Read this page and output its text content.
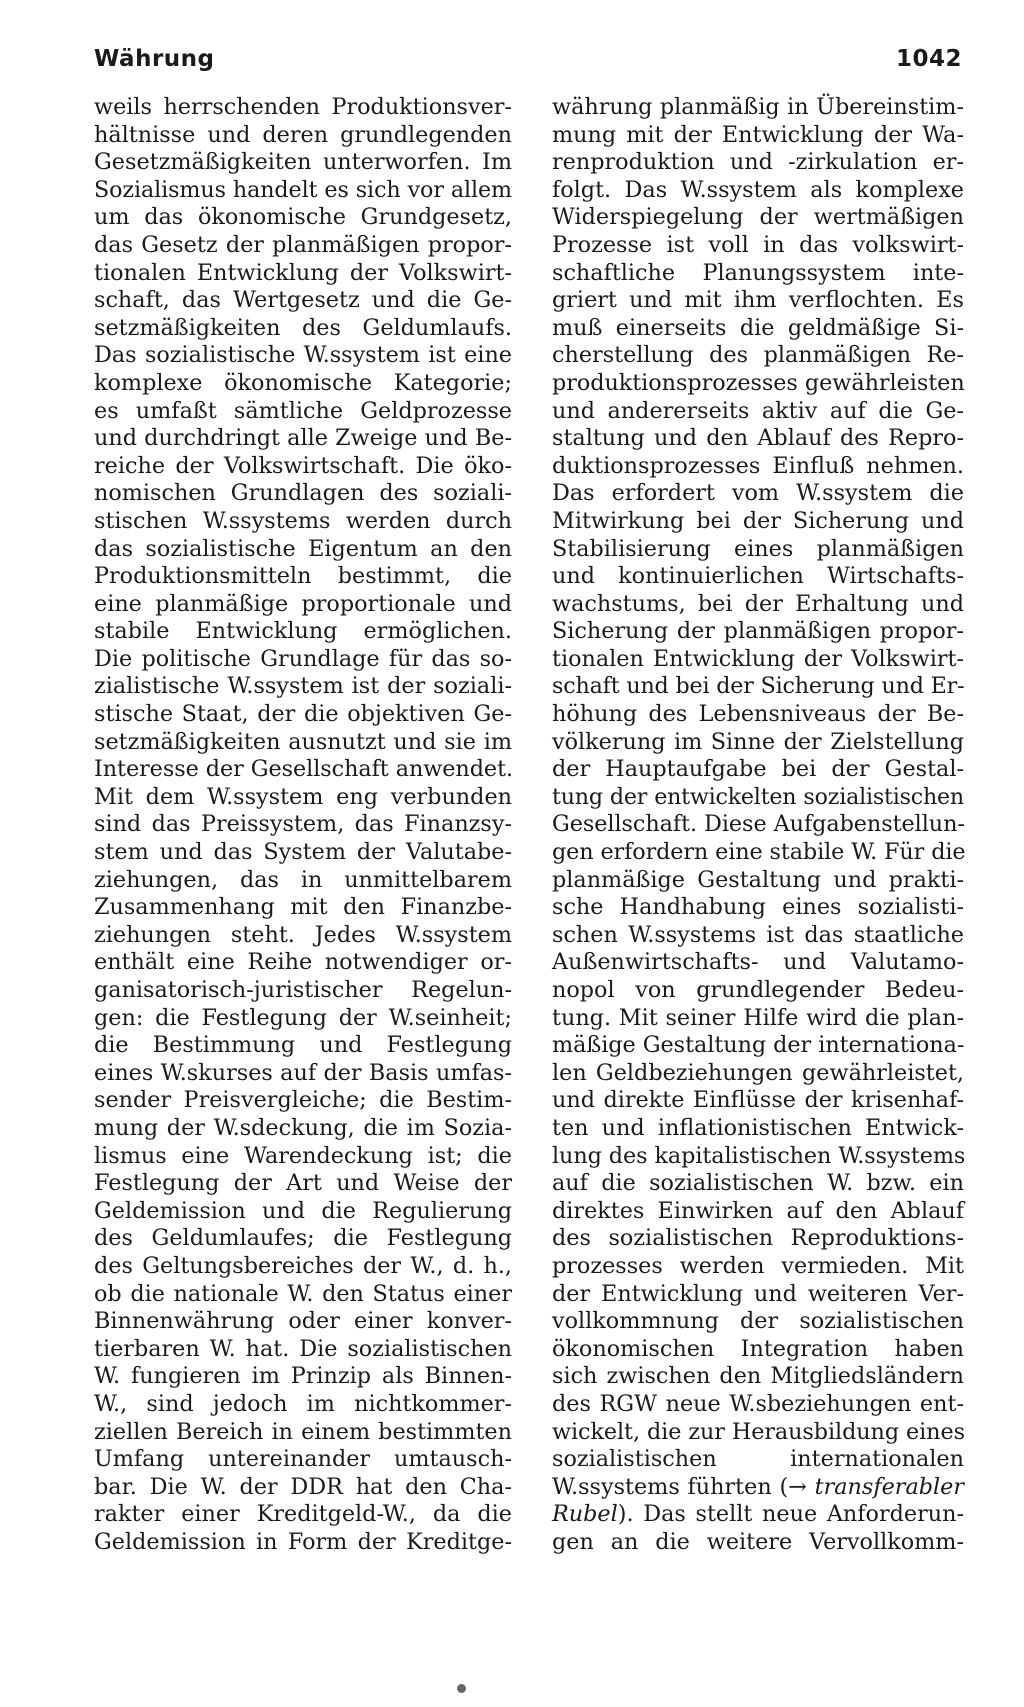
Währung	1042
weils herrschenden Produktionsver-
hältnisse und deren grundlegenden
Gesetzmäßigkeiten unterworfen. Im
Sozialismus handelt es sich vor allem
um das ökonomische Grundgesetz,
das Gesetz der planmäßigen propor-
tionalen Entwicklung der Volkswirt-
schaft, das Wertgesetz und die Ge-
setzmäßigkeiten des Geldumlaufs.
Das sozialistische W.ssystem ist eine
komplexe ökonomische Kategorie;
es umfaßt sämtliche Geldprozesse
und durchdringt alle Zweige und Be-
reiche der Volkswirtschaft. Die öko-
nomischen Grundlagen des soziali-
stischen W.ssystems werden durch
das sozialistische Eigentum an den
Produktionsmitteln bestimmt, die
eine planmäßige proportionale und
stabile Entwicklung ermöglichen.
Die politische Grundlage für das so-
zialistische W.ssystem ist der soziali-
stische Staat, der die objektiven Ge-
setzmäßigkeiten ausnutzt und sie im
Interesse der Gesellschaft anwendet.
Mit dem W.ssystem eng verbunden
sind das Preissystem, das Finanzsy-
stem und das System der Valutabe-
ziehungen, das in unmittelbarem
Zusammenhang mit den Finanzbe-
ziehungen steht. Jedes W.ssystem
enthält eine Reihe notwendiger or-
ganisatorisch-juristischer Regelun-
gen: die Festlegung der W.seinheit;
die Bestimmung und Festlegung
eines W.skurses auf der Basis umfas-
sender Preisvergleiche; die Bestim-
mung der W.sdeckung, die im Sozia-
lismus eine Warendeckung ist; die
Festlegung der Art und Weise der
Geldemission und die Regulierung
des Geldumlaufes; die Festlegung
des Geltungsbereiches der W., d. h.,
ob die nationale W. den Status einer
Binnenwährung oder einer konver-
tierbaren W. hat. Die sozialistischen
W. fungieren im Prinzip als Binnen-
W., sind jedoch im nichtkommer-
ziellen Bereich in einem bestimmten
Umfang untereinander umtausch-
bar. Die W. der DDR hat den Cha-
rakter einer Kreditgeld-W., da die
Geldemission in Form der Kreditge-
währung planmäßig in Übereinstim-
mung mit der Entwicklung der Wa-
renproduktion und -zirkulation er-
folgt. Das W.ssystem als komplexe
Widerspiegelung der wertmäßigen
Prozesse ist voll in das volkswirt-
schaftliche Planungssystem inte-
griert und mit ihm verflochten. Es
muß einerseits die geldmäßige Si-
cherstellung des planmäßigen Re-
produktionsprozesses gewährleisten
und andererseits aktiv auf die Ge-
staltung und den Ablauf des Repro-
duktionsprozesses Einfluß nehmen.
Das erfordert vom W.ssystem die
Mitwirkung bei der Sicherung und
Stabilisierung eines planmäßigen
und kontinuierlichen Wirtschafts-
wachstums, bei der Erhaltung und
Sicherung der planmäßigen propor-
tionalen Entwicklung der Volkswirt-
schaft und bei der Sicherung und Er-
höhung des Lebensniveaus der Be-
völkerung im Sinne der Zielstellung
der Hauptaufgabe bei der Gestal-
tung der entwickelten sozialistischen
Gesellschaft. Diese Aufgabenstellun-
gen erfordern eine stabile W. Für die
planmäßige Gestaltung und prakti-
sche Handhabung eines sozialisti-
schen W.ssystems ist das staatliche
Außenwirtschafts- und Valutamo-
nopol von grundlegender Bedeu-
tung. Mit seiner Hilfe wird die plan-
mäßige Gestaltung der internationa-
len Geldbeziehungen gewährleistet,
und direkte Einflüsse der krisenhaf-
ten und inflationistischen Entwick-
lung des kapitalistischen W.ssystems
auf die sozialistischen W. bzw. ein
direktes Einwirken auf den Ablauf
des sozialistischen Reproduktions-
prozesses werden vermieden. Mit
der Entwicklung und weiteren Ver-
vollkommnung der sozialistischen
ökonomischen Integration haben
sich zwischen den Mitgliedsländern
des RGW neue W.sbeziehungen ent-
wickelt, die zur Herausbildung eines
sozialistischen internationalen
W.ssystems führten (→ transferabler
Rubel). Das stellt neue Anforderun-
gen an die weitere Vervollkomm-
